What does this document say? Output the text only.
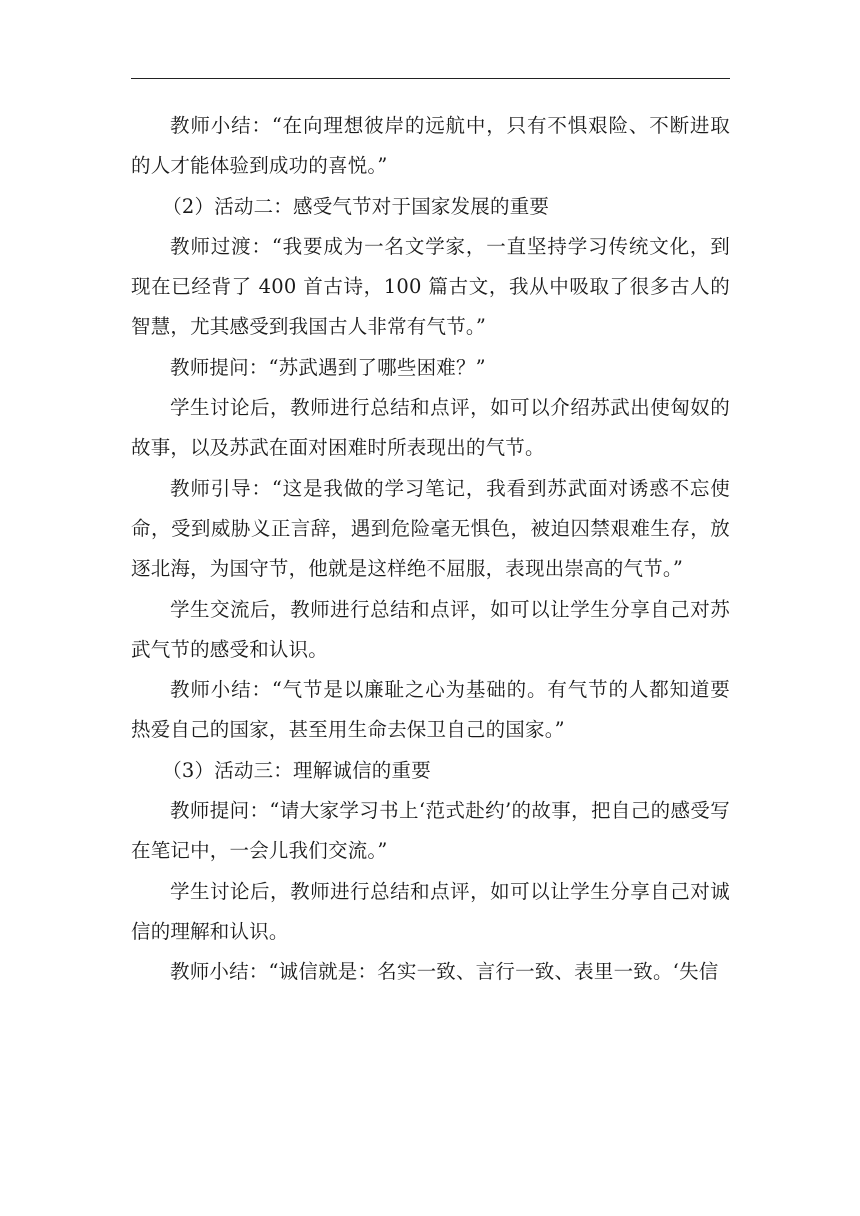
教师小结：“在向理想彼岸的远航中，只有不惧艰险、不断进取的人才能体验到成功的喜悦。”

（2）活动二：感受气节对于国家发展的重要

教师过渡：“我要成为一名文学家，一直坚持学习传统文化，到现在已经背了 400 首古诗，100 篇古文，我从中吸取了很多古人的智慧，尤其感受到我国古人非常有气节。”

教师提问：“苏武遇到了哪些困难？”

学生讨论后，教师进行总结和点评，如可以介绍苏武出使匈奴的故事，以及苏武在面对困难时所表现出的气节。

教师引导：“这是我做的学习笔记，我看到苏武面对诱惑不忘使命，受到威胁义正言辞，遇到危险毫无惧色，被迫囚禁艰难生存，放逐北海，为国守节，他就是这样绝不屈服，表现出崇高的气节。”

学生交流后，教师进行总结和点评，如可以让学生分享自己对苏武气节的感受和认识。

教师小结：“气节是以廉耻之心为基础的。有气节的人都知道要热爱自己的国家，甚至用生命去保卫自己的国家。”

（3）活动三：理解诚信的重要

教师提问：“请大家学习书上‘范式赴约’的故事，把自己的感受写在笔记中，一会儿我们交流。”

学生讨论后，教师进行总结和点评，如可以让学生分享自己对诚信的理解和认识。

教师小结：“诚信就是：名实一致、言行一致、表里一致。‘失信
